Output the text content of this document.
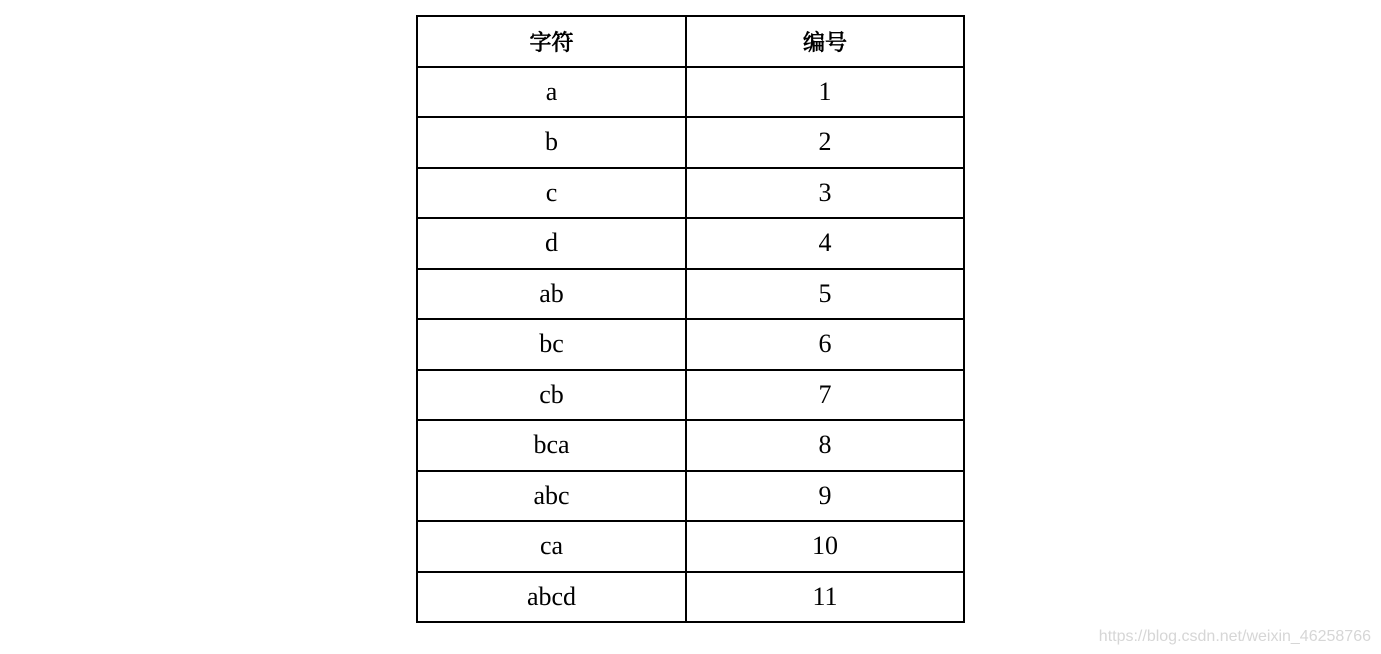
字符	编号
a	1
b	2
c	3
d	4
ab	5
bc	6
cb	7
bca	8
abc	9
ca	10
abcd	11
https://blog.csdn.net/weixin_46258766
